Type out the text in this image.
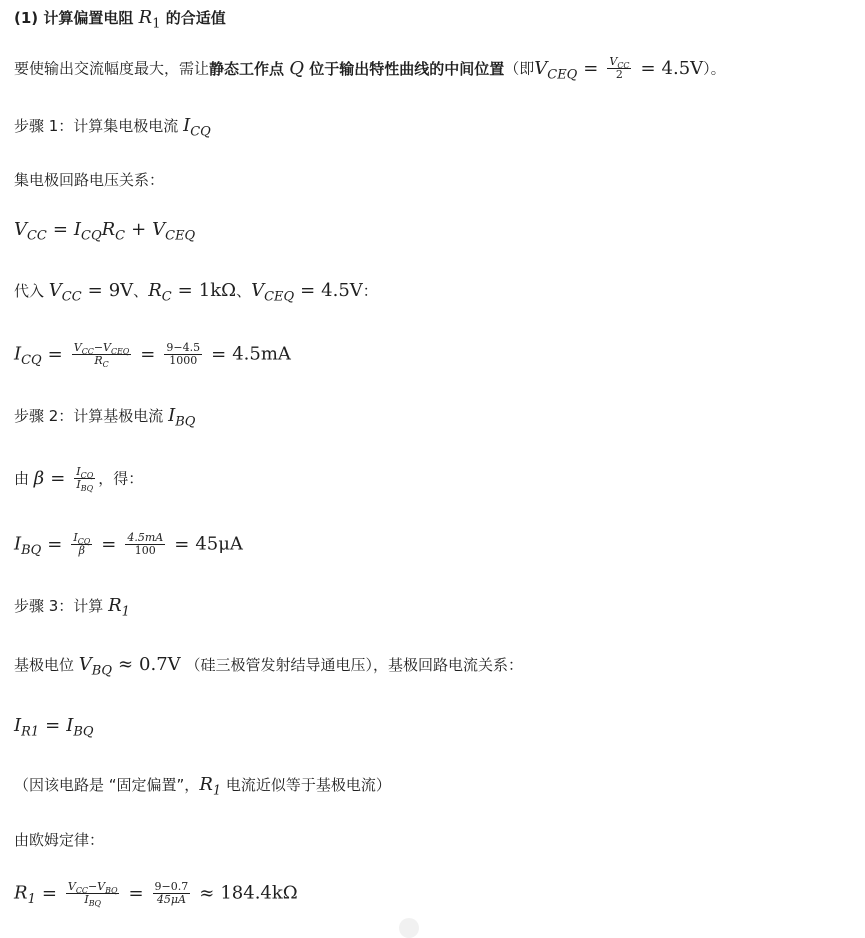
(1) 计算偏置电阻 $R_1$ 的合适值
要使输出交流幅度最大，需让静态工作点 Q 位于输出特性曲线的中间位置（即$V_{CEQ} = \frac{V_{CC}}{2} = 4.5V$）。
步骤 1：计算集电极电流 $I_{CQ}$
集电极回路电压关系：
$V_{CC} = I_{CQ}R_C + V_{CEQ}$
代入 $V_{CC} = 9V$、$R_C = 1k\Omega$、$V_{CEQ} = 4.5V$：
$I_{CQ} = \frac{V_{CC}-V_{CEQ}}{R_C} = \frac{9-4.5}{1000} = 4.5mA$
步骤 2：计算基极电流 $I_{BQ}$
由 $\beta = \frac{I_{CQ}}{I_{BQ}}$ ，得：
$I_{BQ} = \frac{I_{CQ}}{\beta} = \frac{4.5mA}{100} = 45\mu A$
步骤 3：计算 $R_1$
基极电位 $V_{BQ} \approx 0.7V$ （硅三极管发射结导通电压），基极回路电流关系：
$I_{R1} = I_{BQ}$
（因该电路是 “固定偏置”，$R_1$ 电流近似等于基极电流）
由欧姆定律：
$R_1 = \frac{V_{CC}-V_{BQ}}{I_{BQ}} = \frac{9-0.7}{45\mu A} \approx 184.4k\Omega$
